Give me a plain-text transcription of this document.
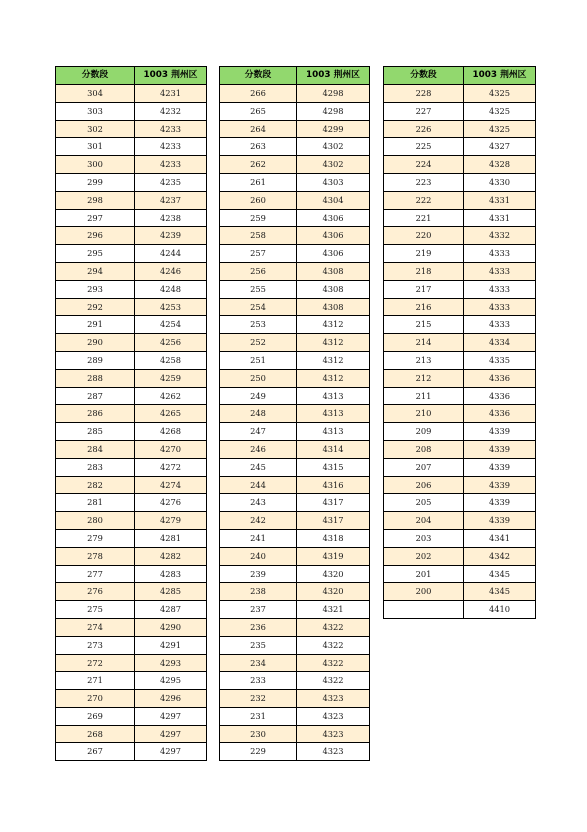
分数段	1003 荆州区
304	4231
303	4232
302	4233
301	4233
300	4233
299	4235
298	4237
297	4238
296	4239
295	4244
294	4246
293	4248
292	4253
291	4254
290	4256
289	4258
288	4259
287	4262
286	4265
285	4268
284	4270
283	4272
282	4274
281	4276
280	4279
279	4281
278	4282
277	4283
276	4285
275	4287
274	4290
273	4291
272	4293
271	4295
270	4296
269	4297
268	4297
267	4297
分数段	1003 荆州区
266	4298
265	4298
264	4299
263	4302
262	4302
261	4303
260	4304
259	4306
258	4306
257	4306
256	4308
255	4308
254	4308
253	4312
252	4312
251	4312
250	4312
249	4313
248	4313
247	4313
246	4314
245	4315
244	4316
243	4317
242	4317
241	4318
240	4319
239	4320
238	4320
237	4321
236	4322
235	4322
234	4322
233	4322
232	4323
231	4323
230	4323
229	4323
分数段	1003 荆州区
228	4325
227	4325
226	4325
225	4327
224	4328
223	4330
222	4331
221	4331
220	4332
219	4333
218	4333
217	4333
216	4333
215	4333
214	4334
213	4335
212	4336
211	4336
210	4336
209	4339
208	4339
207	4339
206	4339
205	4339
204	4339
203	4341
202	4342
201	4345
200	4345
	4410
